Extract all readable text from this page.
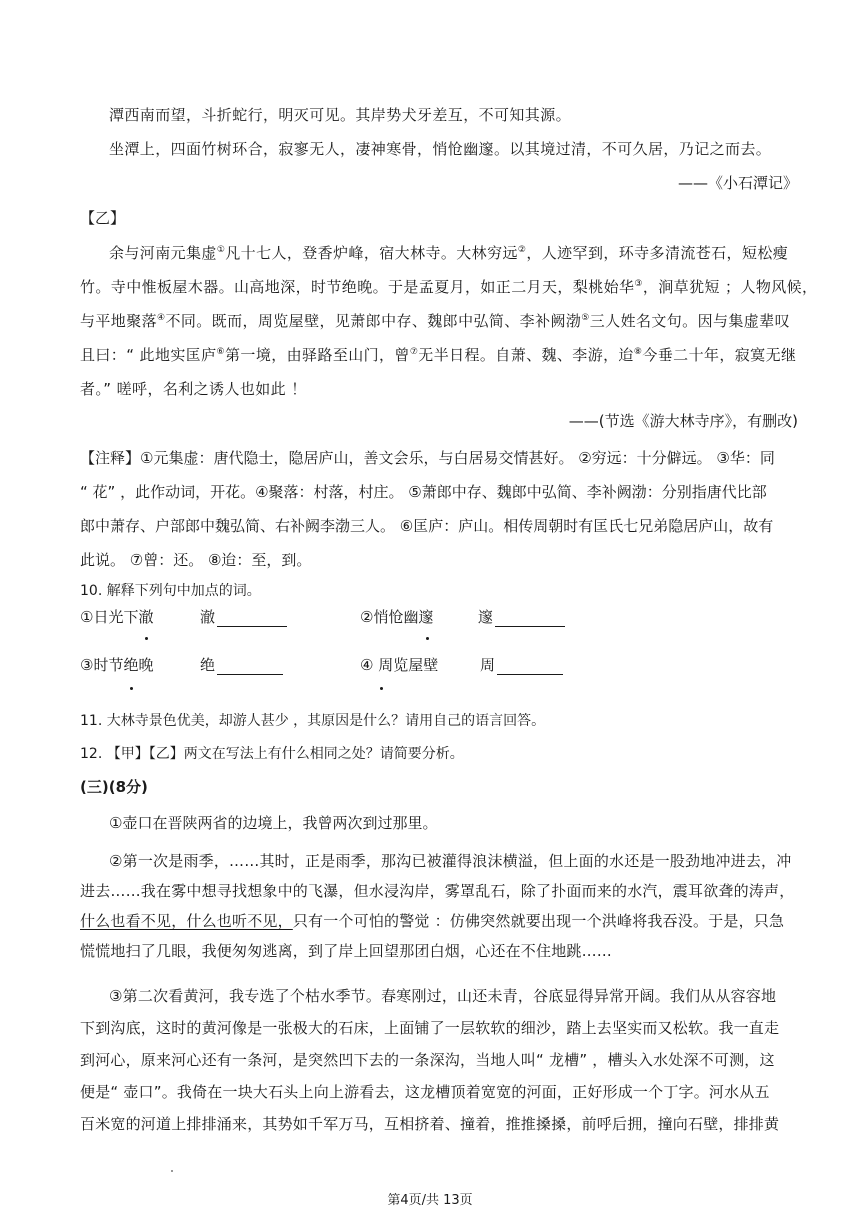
潭西南而望，斗折蛇行，明灭可见。其岸势犬牙差互，不可知其源。
坐潭上，四面竹树环合，寂寥无人，凄神寒骨，悄怆幽邃。以其境过清，不可久居，乃记之而去。
——《小石潭记》
【乙】
余与河南元集虚①凡十七人，登香炉峰，宿大林寺。大林穷远②，人迹罕到，环寺多清流苍石，短松瘦
竹。寺中惟板屋木器。山高地深，时节绝晚。于是孟夏月，如正二月天，梨桃始华③，涧草犹短 ；人物风候，
与平地聚落④不同。既而，周览屋壁，见萧郎中存、魏郎中弘简、李补阙渤⑤三人姓名文句。因与集虚辈叹
且曰：“ 此地实匡庐⑥第一境，由驿路至山门，曾⑦无半日程。自萧、魏、李游，迨⑧今垂二十年，寂寞无继
者。” 嗟呼，名利之诱人也如此 ！
——(节选《游大林寺序》，有删改)
【注释】①元集虚：唐代隐士，隐居庐山，善文会乐，与白居易交情甚好。 ②穷远：十分僻远。 ③华：同
“ 花” ，此作动词，开花。④聚落：村落，村庄。 ⑤萧郎中存、魏郎中弘简、李补阙渤：分别指唐代比部
郎中萧存、户部郎中魏弘简、右补阙李渤三人。 ⑥匡庐：庐山。相传周朝时有匡氏七兄弟隐居庐山，故有
此说。 ⑦曾：还。 ⑧迨：至，到。
10. 解释下列句中加点的词。
①日光下澈	澈	②悄怆幽邃	邃
③时节绝晚	绝	④ 周览屋壁	周
11. 大林寺景色优美，却游人甚少 ，其原因是什么？请用自己的语言回答。
12. 【甲】【乙】两文在写法上有什么相同之处？请简要分析。
(三)(8分)
①壶口在晋陕两省的边境上，我曾两次到过那里。
②第一次是雨季，……其时，正是雨季，那沟已被灌得浪沫横溢，但上面的水还是一股劲地冲进去，冲
进去……我在雾中想寻找想象中的飞瀑，但水浸沟岸，雾罩乱石，除了扑面而来的水汽，震耳欲聋的涛声，
什么也看不见，什么也听不见，只有一个可怕的警觉 ：仿佛突然就要出现一个洪峰将我吞没。于是，只急
慌慌地扫了几眼，我便匆匆逃离，到了岸上回望那团白烟，心还在不住地跳……
③第二次看黄河，我专选了个枯水季节。春寒刚过，山还未青，谷底显得异常开阔。我们从从容容地
下到沟底，这时的黄河像是一张极大的石床，上面铺了一层软软的细沙，踏上去坚实而又松软。我一直走
到河心，原来河心还有一条河，是突然凹下去的一条深沟，当地人叫“ 龙槽” ，槽头入水处深不可测，这
便是“ 壶口”。我倚在一块大石头上向上游看去，这龙槽顶着宽宽的河面，正好形成一个丁字。河水从五
百米宽的河道上排排涌来，其势如千军万马，互相挤着、撞着，推推搡搡，前呼后拥，撞向石壁，排排黄
第4页/共 13页
